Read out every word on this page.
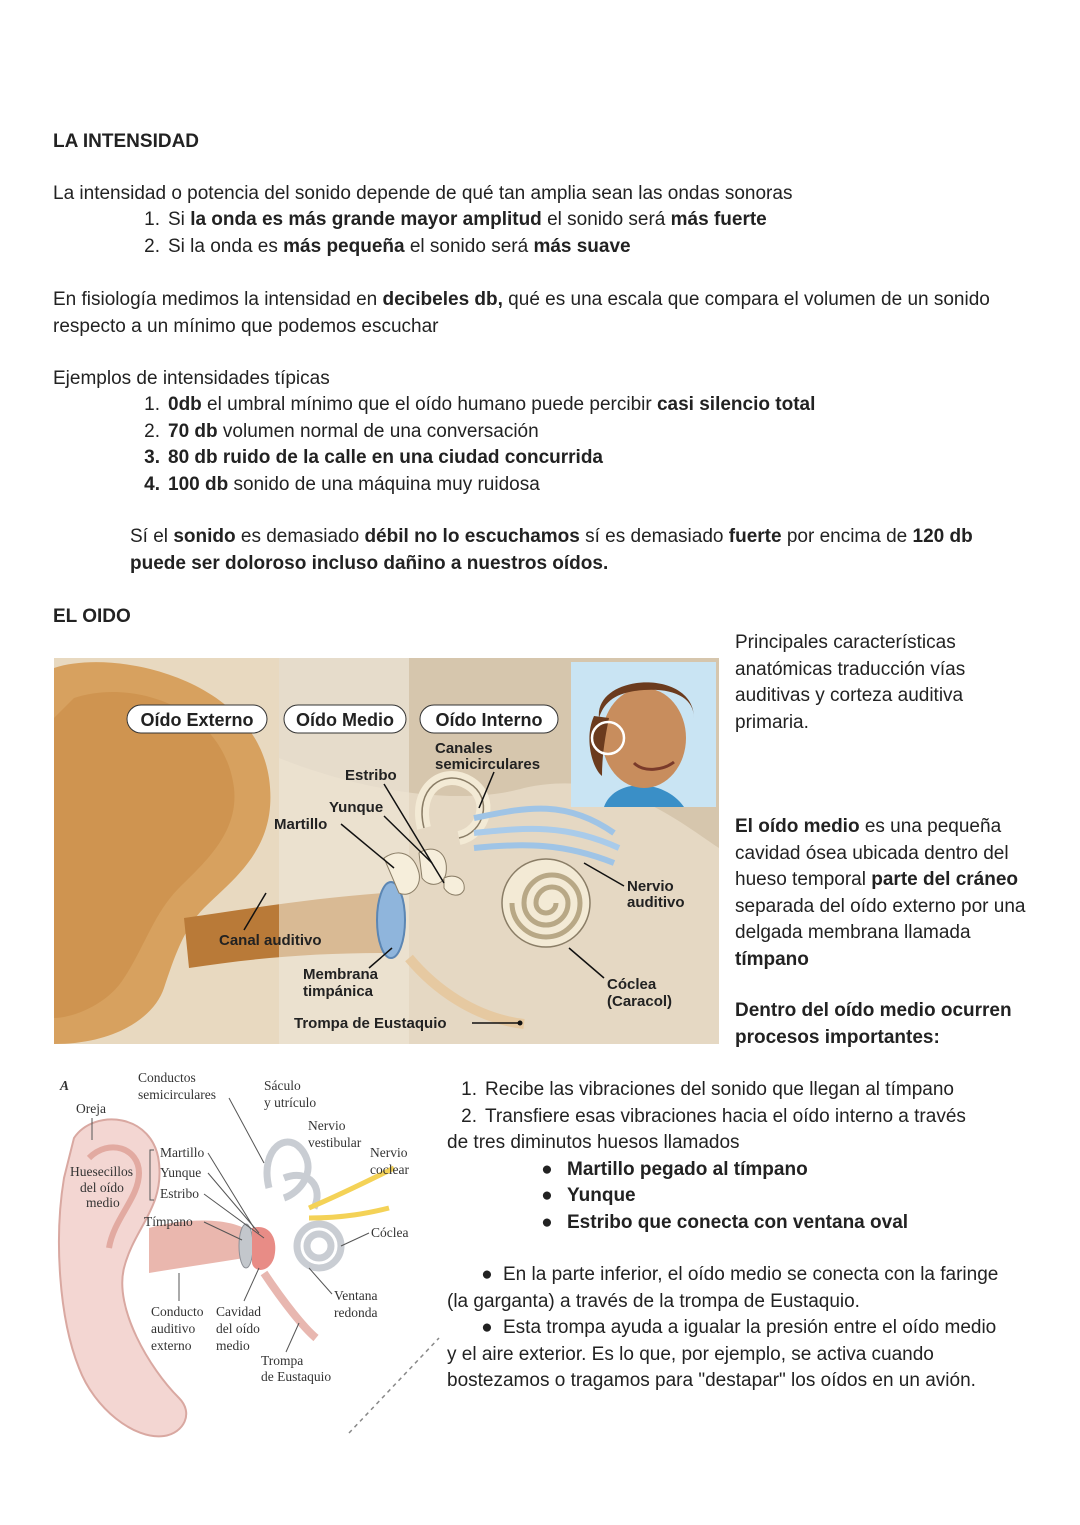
LA INTENSIDAD
La intensidad o potencia del sonido depende de qué tan amplia sean las ondas sonoras
1. Si la onda es más grande mayor amplitud el sonido será más fuerte
2. Si la onda es más pequeña el sonido será más suave
En fisiología medimos la intensidad en decibeles db, qué es una escala que compara el volumen de un sonido
respecto a un mínimo que podemos escuchar
Ejemplos de intensidades típicas
1. 0db el umbral mínimo que el oído humano puede percibir casi silencio total
2. 70 db volumen normal de una conversación
3. 80 db ruido de la calle en una ciudad concurrida
4. 100 db sonido de una máquina muy ruidosa
Sí el sonido es demasiado débil no lo escuchamos sí es demasiado fuerte por encima de 120 db
puede ser doloroso incluso dañino a nuestros oídos.
EL OIDO
Principales características
anatómicas traducción vías
auditivas y corteza auditiva
primaria.
El oído medio es una pequeña
cavidad ósea ubicada dentro del
hueso temporal parte del cráneo
separada del oído externo por una
delgada membrana llamada
tímpano
Dentro del oído medio ocurren
procesos importantes:
1. Recibe las vibraciones del sonido que llegan al tímpano
2. Transfiere esas vibraciones hacia el oído interno a través
de tres diminutos huesos llamados
● Martillo pegado al tímpano
● Yunque
● Estribo que conecta con ventana oval
● En la parte inferior, el oído medio se conecta con la faringe
(la garganta) a través de la trompa de Eustaquio.
● Esta trompa ayuda a igualar la presión entre el oído medio
y el aire exterior. Es lo que, por ejemplo, se activa cuando
bostezamos o tragamos para "destapar" los oídos en un avión.
Oído Externo Oído Medio Oído Interno
Canales
semicirculares
Estribo
Yunque
Martillo
Nervio
auditivo
Canal auditivo
Membrana
timpánica	Cóclea
(Caracol)
Trompa de Eustaquio
A
Oreja
Conductos
semicirculares
Sáculo
y utrículo
Nervio
vestibular
Nervio
coclear
Martillo
Yunque
Estribo
Huesecillos
del oído
medio
Tímpano
Cóclea
Ventana
redonda
Conducto
auditivo
externo
Cavidad
del oído
medio
Trompa
de Eustaquio
